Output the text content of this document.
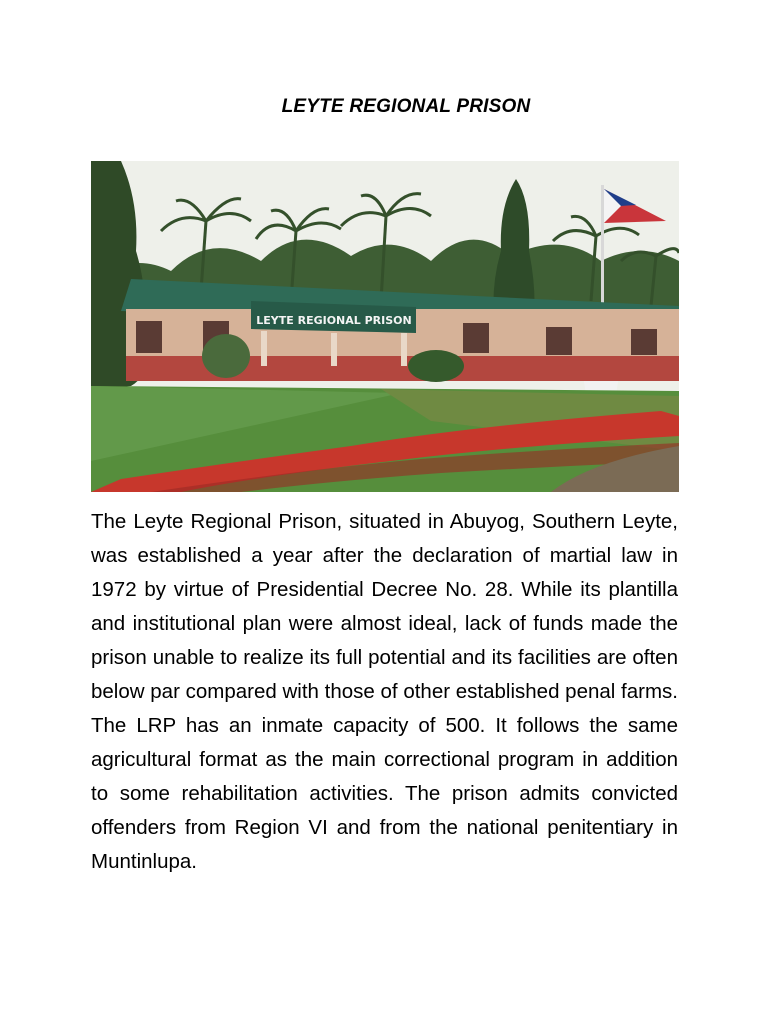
LEYTE REGIONAL PRISON
LEYTE REGIONAL PRISON

The Leyte Regional Prison, situated in Abuyog, Southern Leyte, was established a year after the declaration of martial law in 1972 by virtue of Presidential Decree No. 28. While its plantilla and institutional plan were almost ideal, lack of funds made the prison unable to realize its full potential and its facilities are often below par compared with those of other established penal farms. The LRP has an inmate capacity of 500. It follows the same agricultural format as the main correctional program in addition to some rehabilitation activities. The prison admits convicted offenders from Region VI and from the national penitentiary in Muntinlupa.
